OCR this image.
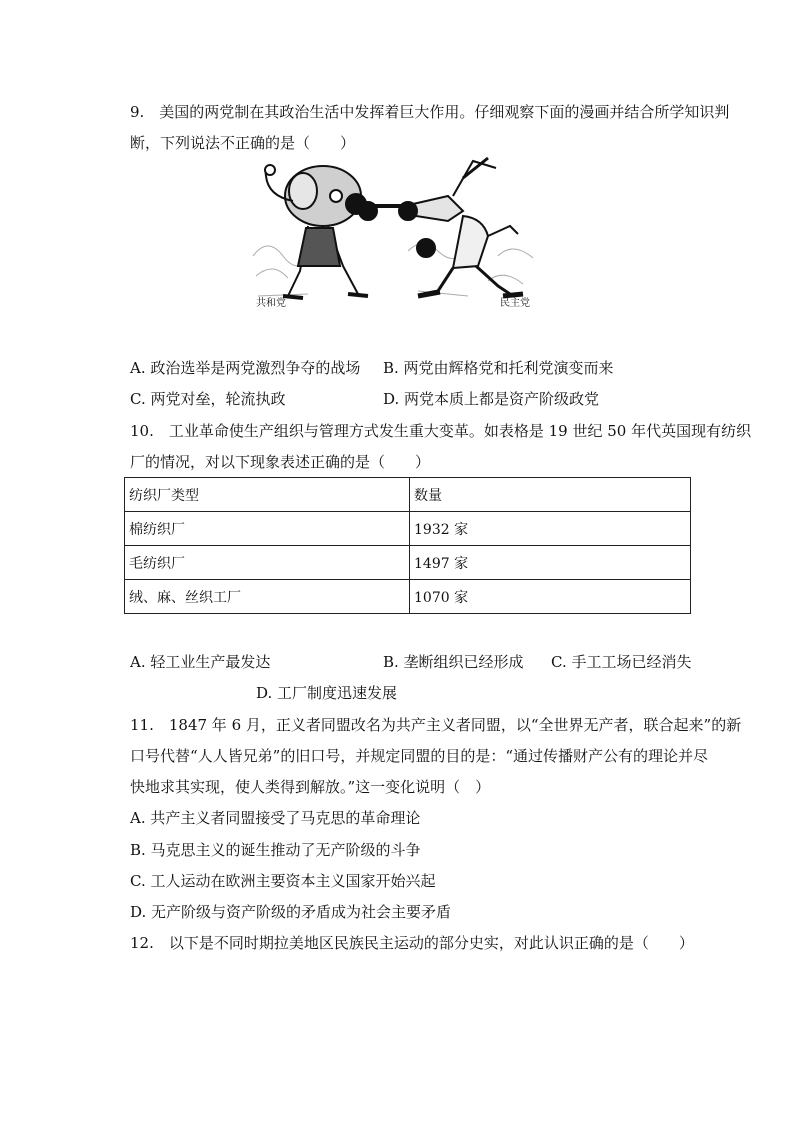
9.　美国的两党制在其政治生活中发挥着巨大作用。仔细观察下面的漫画并结合所学知识判
断，下列说法不正确的是（　　）
共和党	民主党
A. 政治选举是两党激烈争夺的战场 B. 两党由辉格党和托利党演变而来
C. 两党对垒，轮流执政	D. 两党本质上都是资产阶级政党
10.　工业革命使生产组织与管理方式发生重大变革。如表格是 19 世纪 50 年代英国现有纺织
厂的情况，对以下现象表述正确的是（　　）
纺织厂类型	数量
棉纺织厂	1932 家
毛纺织厂	1497 家
绒、麻、丝织工厂	1070 家
A. 轻工业生产最发达	B. 垄断组织已经形成 C. 手工工场已经消失
D. 工厂制度迅速发展
11.　1847 年 6 月，正义者同盟改名为共产主义者同盟，以“全世界无产者，联合起来”的新
口号代替“人人皆兄弟”的旧口号，并规定同盟的目的是：“通过传播财产公有的理论并尽
快地求其实现，使人类得到解放。”这一变化说明（　）
A. 共产主义者同盟接受了马克思的革命理论
B. 马克思主义的诞生推动了无产阶级的斗争
C. 工人运动在欧洲主要资本主义国家开始兴起
D. 无产阶级与资产阶级的矛盾成为社会主要矛盾
12.　以下是不同时期拉美地区民族民主运动的部分史实，对此认识正确的是（　　）
